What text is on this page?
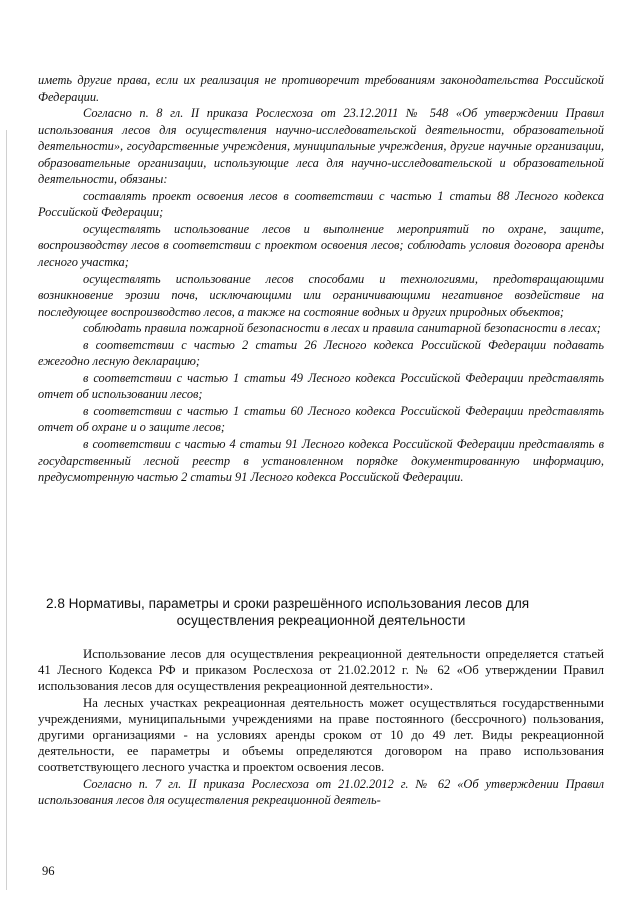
иметь другие права, если их реализация не противоречит требованиям законодательства Российской Федерации.

Согласно п. 8 гл. II приказа Рослесхоза от 23.12.2011 № 548 «Об утверждении Правил использования лесов для осуществления научно-исследовательской деятельности, образовательной деятельности», государственные учреждения, муниципальные учреждения, другие научные организации, образовательные организации, использующие леса для научно-исследовательской и образовательной деятельности, обязаны:

составлять проект освоения лесов в соответствии с частью 1 статьи 88 Лесного кодекса Российской Федерации;

осуществлять использование лесов и выполнение мероприятий по охране, защите, воспроизводству лесов в соответствии с проектом освоения лесов; соблюдать условия договора аренды лесного участка;

осуществлять использование лесов способами и технологиями, предотвращающими возникновение эрозии почв, исключающими или ограничивающими негативное воздействие на последующее воспроизводство лесов, а также на состояние водных и других природных объектов;

соблюдать правила пожарной безопасности в лесах и правила санитарной безопасности в лесах;

в соответствии с частью 2 статьи 26 Лесного кодекса Российской Федерации подавать ежегодно лесную декларацию;

в соответствии с частью 1 статьи 49 Лесного кодекса Российской Федерации представлять отчет об использовании лесов;

в соответствии с частью 1 статьи 60 Лесного кодекса Российской Федерации представлять отчет об охране и о защите лесов;

в соответствии с частью 4 статьи 91 Лесного кодекса Российской Федерации представлять в государственный лесной реестр в установленном порядке документированную информацию, предусмотренную частью 2 статьи 91 Лесного кодекса Российской Федерации.

2.8 Нормативы, параметры и сроки разрешённого использования лесов для
осуществления рекреационной деятельности

Использование лесов для осуществления рекреационной деятельности определяется статьей 41 Лесного Кодекса РФ и приказом Рослесхоза от 21.02.2012 г. № 62 «Об утверждении Правил использования лесов для осуществления рекреационной деятельности».

На лесных участках рекреационная деятельность может осуществляться государственными учреждениями, муниципальными учреждениями на праве постоянного (бессрочного) пользования, другими организациями - на условиях аренды сроком от 10 до 49 лет. Виды рекреационной деятельности, ее параметры и объемы определяются договором на право использования соответствующего лесного участка и проектом освоения лесов.

Согласно п. 7 гл. II приказа Рослесхоза от 21.02.2012 г. № 62 «Об утверждении Правил использования лесов для осуществления рекреационной деятель-

96
